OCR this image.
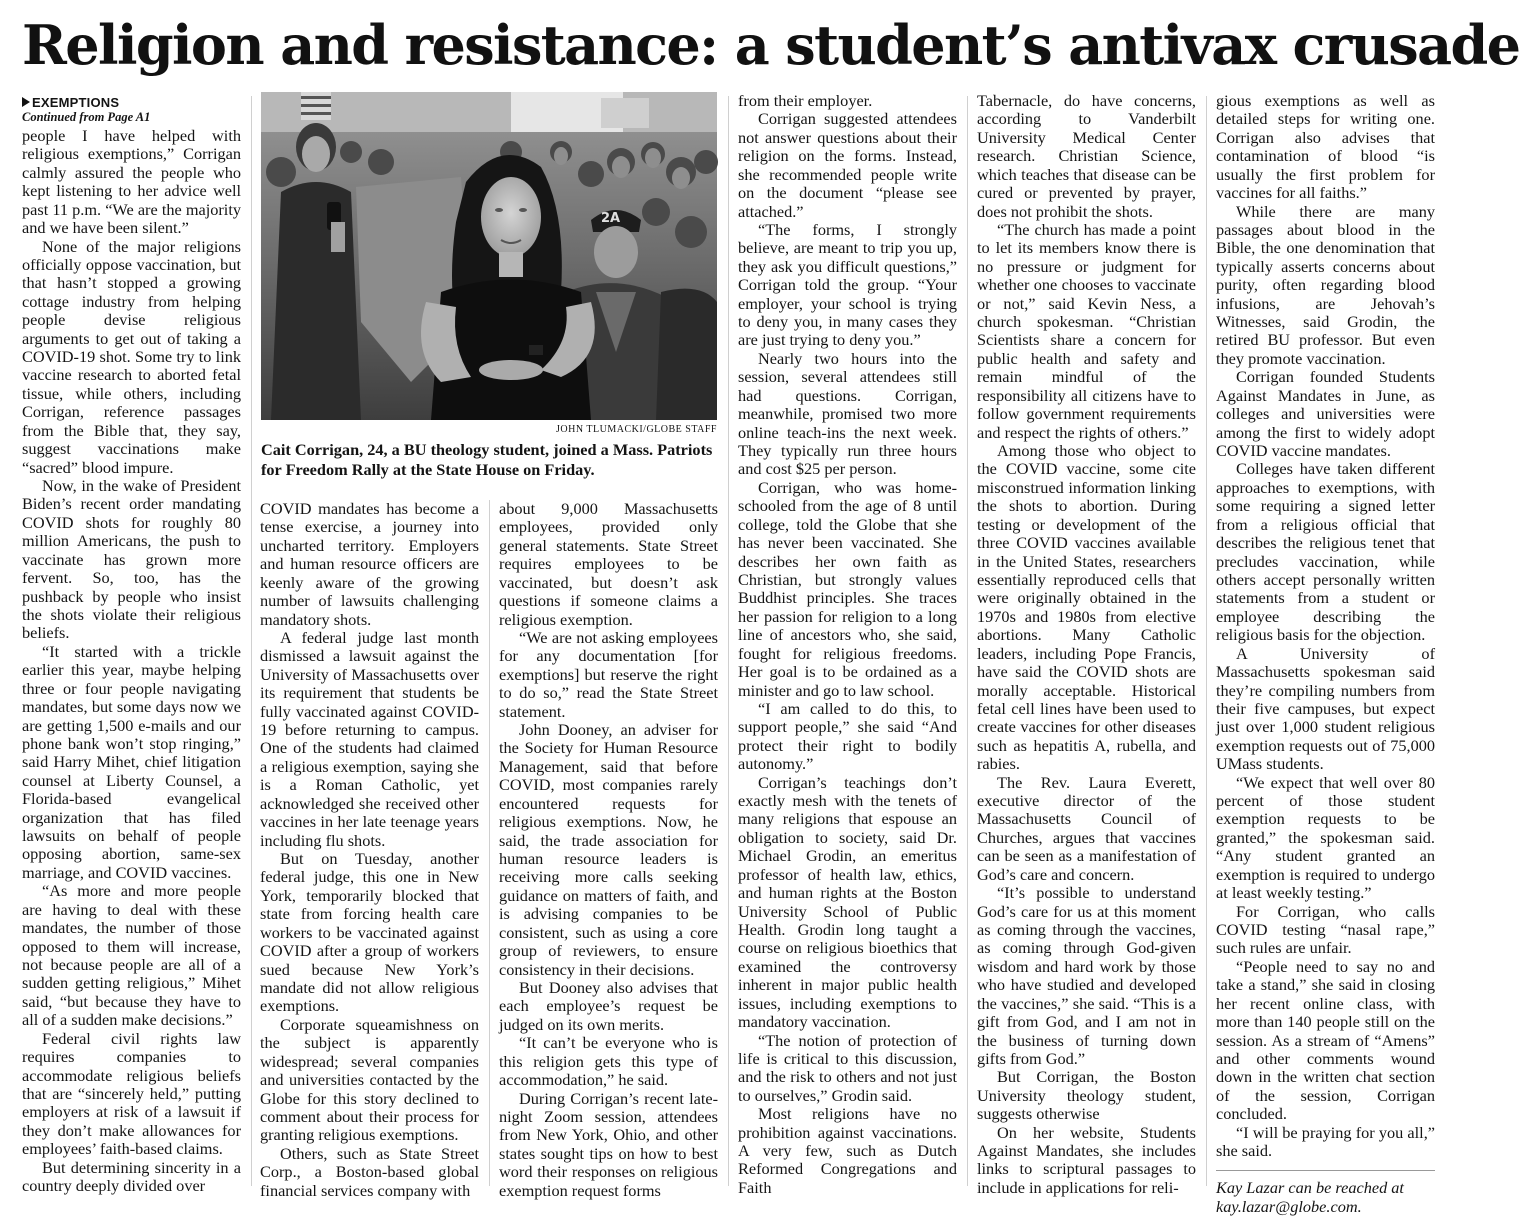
Religion and resistance: a student’s antivax crusade
EXEMPTIONS
Continued from Page A1

people I have helped with religious exemptions,” Corrigan calmly assured the people who kept listening to her advice well past 11 p.m. “We are the majority and we have been silent.”

None of the major religions officially oppose vaccination, but that hasn’t stopped a growing cottage industry from helping people devise religious arguments to get out of taking a COVID-19 shot. Some try to link vaccine research to aborted fetal tissue, while others, including Corrigan, reference passages from the Bible that, they say, suggest vaccinations make “sacred” blood impure.

Now, in the wake of President Biden’s recent order mandating COVID shots for roughly 80 million Americans, the push to vaccinate has grown more fervent. So, too, has the pushback by people who insist the shots violate their religious beliefs.

“It started with a trickle earlier this year, maybe helping three or four people navigating mandates, but some days now we are getting 1,500 e-mails and our phone bank won’t stop ringing,” said Harry Mihet, chief litigation counsel at Liberty Counsel, a Florida-based evangelical organization that has filed lawsuits on behalf of people opposing abortion, same-sex marriage, and COVID vaccines.

“As more and more people are having to deal with these mandates, the number of those opposed to them will increase, not because people are all of a sudden getting religious,” Mihet said, “but because they have to all of a sudden make decisions.”

Federal civil rights law requires companies to accommodate religious beliefs that are “sincerely held,” putting employers at risk of a lawsuit if they don’t make allowances for employees’ faith-based claims.

But determining sincerity in a country deeply divided over

2A
JOHN TLUMACKI/GLOBE STAFF
Cait Corrigan, 24, a BU theology student, joined a Mass. Patriots for Freedom Rally at the State House on Friday.

COVID mandates has become a tense exercise, a journey into uncharted territory. Employers and human resource officers are keenly aware of the growing number of lawsuits challenging mandatory shots.

A federal judge last month dismissed a lawsuit against the University of Massachusetts over its requirement that students be fully vaccinated against COVID-19 before returning to campus. One of the students had claimed a religious exemption, saying she is a Roman Catholic, yet acknowledged she received other vaccines in her late teenage years including flu shots.

But on Tuesday, another federal judge, this one in New York, temporarily blocked that state from forcing health care workers to be vaccinated against COVID after a group of workers sued because New York’s mandate did not allow religious exemptions.

Corporate squeamishness on the subject is apparently widespread; several companies and universities contacted by the Globe for this story declined to comment about their process for granting religious exemptions.

Others, such as State Street Corp., a Boston-based global financial services company with

about 9,000 Massachusetts employees, provided only general statements. State Street requires employees to be vaccinated, but doesn’t ask questions if someone claims a religious exemption.

“We are not asking employees for any documentation [for exemptions] but reserve the right to do so,” read the State Street statement.

John Dooney, an adviser for the Society for Human Resource Management, said that before COVID, most companies rarely encountered requests for religious exemptions. Now, he said, the trade association for human resource leaders is receiving more calls seeking guidance on matters of faith, and is advising companies to be consistent, such as using a core group of reviewers, to ensure consistency in their decisions.

But Dooney also advises that each employee’s request be judged on its own merits.

“It can’t be everyone who is this religion gets this type of accommodation,” he said.

During Corrigan’s recent late-night Zoom session, attendees from New York, Ohio, and other states sought tips on how to best word their responses on religious exemption request forms

from their employer.

Corrigan suggested attendees not answer questions about their religion on the forms. Instead, she recommended people write on the document “please see attached.”

“The forms, I strongly believe, are meant to trip you up, they ask you difficult questions,” Corrigan told the group. “Your employer, your school is trying to deny you, in many cases they are just trying to deny you.”

Nearly two hours into the session, several attendees still had questions. Corrigan, meanwhile, promised two more online teach-ins the next week. They typically run three hours and cost $25 per person.

Corrigan, who was home-schooled from the age of 8 until college, told the Globe that she has never been vaccinated. She describes her own faith as Christian, but strongly values Buddhist principles. She traces her passion for religion to a long line of ancestors who, she said, fought for religious freedoms. Her goal is to be ordained as a minister and go to law school.

“I am called to do this, to support people,” she said “And protect their right to bodily autonomy.”

Corrigan’s teachings don’t exactly mesh with the tenets of many religions that espouse an obligation to society, said Dr. Michael Grodin, an emeritus professor of health law, ethics, and human rights at the Boston University School of Public Health. Grodin long taught a course on religious bioethics that examined the controversy inherent in major public health issues, including exemptions to mandatory vaccination.

“The notion of protection of life is critical to this discussion, and the risk to others and not just to ourselves,” Grodin said.

Most religions have no prohibition against vaccinations. A very few, such as Dutch Reformed Congregations and Faith

Tabernacle, do have concerns, according to Vanderbilt University Medical Center research. Christian Science, which teaches that disease can be cured or prevented by prayer, does not prohibit the shots.

“The church has made a point to let its members know there is no pressure or judgment for whether one chooses to vaccinate or not,” said Kevin Ness, a church spokesman. “Christian Scientists share a concern for public health and safety and remain mindful of the responsibility all citizens have to follow government requirements and respect the rights of others.”

Among those who object to the COVID vaccine, some cite misconstrued information linking the shots to abortion. During testing or development of the three COVID vaccines available in the United States, researchers essentially reproduced cells that were originally obtained in the 1970s and 1980s from elective abortions. Many Catholic leaders, including Pope Francis, have said the COVID shots are morally acceptable. Historical fetal cell lines have been used to create vaccines for other diseases such as hepatitis A, rubella, and rabies.

The Rev. Laura Everett, executive director of the Massachusetts Council of Churches, argues that vaccines can be seen as a manifestation of God’s care and concern.

“It’s possible to understand God’s care for us at this moment as coming through the vaccines, as coming through God-given wisdom and hard work by those who have studied and developed the vaccines,” she said. “This is a gift from God, and I am not in the business of turning down gifts from God.”

But Corrigan, the Boston University theology student, suggests otherwise

On her website, Students Against Mandates, she includes links to scriptural passages to include in applications for reli-

gious exemptions as well as detailed steps for writing one. Corrigan also advises that contamination of blood “is usually the first problem for vaccines for all faiths.”

While there are many passages about blood in the Bible, the one denomination that typically asserts concerns about purity, often regarding blood infusions, are Jehovah’s Witnesses, said Grodin, the retired BU professor. But even they promote vaccination.

Corrigan founded Students Against Mandates in June, as colleges and universities were among the first to widely adopt COVID vaccine mandates.

Colleges have taken different approaches to exemptions, with some requiring a signed letter from a religious official that describes the religious tenet that precludes vaccination, while others accept personally written statements from a student or employee describing the religious basis for the objection.

A University of Massachusetts spokesman said they’re compiling numbers from their five campuses, but expect just over 1,000 student religious exemption requests out of 75,000 UMass students.

“We expect that well over 80 percent of those student exemption requests to be granted,” the spokesman said. “Any student granted an exemption is required to undergo at least weekly testing.”

For Corrigan, who calls COVID testing “nasal rape,” such rules are unfair.

“People need to say no and take a stand,” she said in closing her recent online class, with more than 140 people still on the session. As a stream of “Amens” and other comments wound down in the written chat section of the session, Corrigan concluded.

“I will be praying for you all,” she said.

Kay Lazar can be reached at kay.lazar@globe.com.
